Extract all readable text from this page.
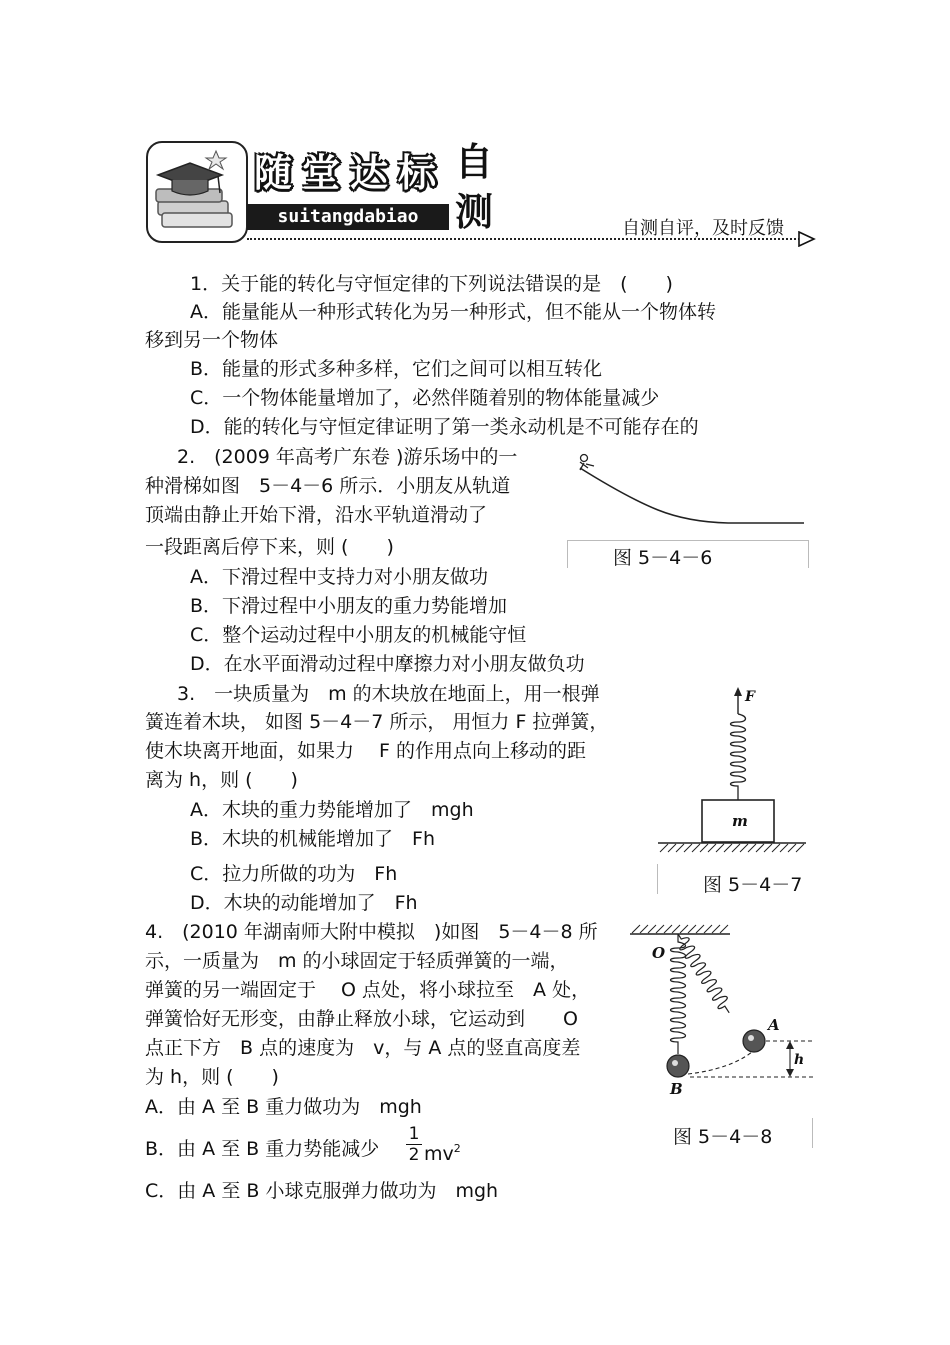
随 堂 达 标
suitangdabiao
自
测	自测自评，及时反馈
1．关于能的转化与守恒定律的下列说法错误的是　(　　)
A．能量能从一种形式转化为另一种形式，但不能从一个物体转
移到另一个物体
B．能量的形式多种多样，它们之间可以相互转化
C．一个物体能量增加了，必然伴随着别的物体能量减少
D．能的转化与守恒定律证明了第一类永动机是不可能存在的
2.　(2009 年高考广东卷 )游乐场中的一
种滑梯如图　5－4－6 所示．小朋友从轨道
顶端由静止开始下滑，沿水平轨道滑动了
一段距离后停下来，则 (　　)
A．下滑过程中支持力对小朋友做功
B．下滑过程中小朋友的重力势能增加
C．整个运动过程中小朋友的机械能守恒
D．在水平面滑动过程中摩擦力对小朋友做负功
图 5－4－6
3.　一块质量为　m 的木块放在地面上，用一根弹
簧连着木块， 如图 5－4－7 所示， 用恒力 F 拉弹簧，
使木块离开地面，如果力　 F 的作用点向上移动的距
离为 h，则 (　　)
A．木块的重力势能增加了　mgh
B．木块的机械能增加了　Fh
C．拉力所做的功为　Fh
D．木块的动能增加了　Fh
F
m
图 5－4－7
4.　(2010 年湖南师大附中模拟　)如图　5－4－8 所
示，一质量为　m 的小球固定于轻质弹簧的一端，
弹簧的另一端固定于　 O 点处，将小球拉至　A 处，
弹簧恰好无形变，由静止释放小球，它运动到　　O
点正下方　B 点的速度为　v，与 A 点的竖直高度差
为 h，则 (　　)
A．由 A 至 B 重力做功为　mgh
B．由 A 至 B 重力势能减少
1
2 $mv^2$
C．由 A 至 B 小球克服弹力做功为　mgh
O
A
B
h
图 5－4－8
